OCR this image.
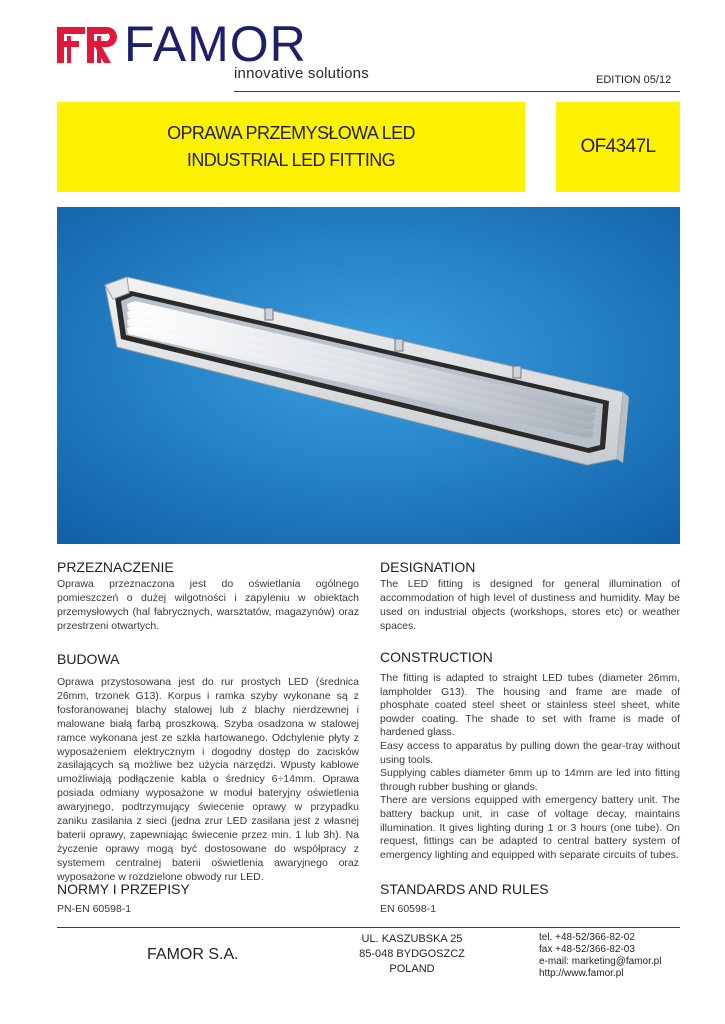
FAMOR
innovative solutions	EDITION 05/12
OPRAWA PRZEMYSŁOWA LED
INDUSTRIAL LED FITTING
OF4347L
PRZEZNACZENIE
Oprawa przeznaczona jest do oświetlania ogólnego pomieszczeń o dużej wilgotności i zapyleniu w obiektach przemysłowych (hal fabrycznych, warsztatów, magazynów) oraz przestrzeni otwartych.
BUDOWA
Oprawa przystosowana jest do rur prostych LED (średnica 26mm, trzonek G13). Korpus i ramka szyby wykonane są z fosforanowanej blachy stalowej lub z blachy nierdzewnej i malowane białą farbą proszkową. Szyba osadzona w stalowej ramce wykonana jest ze szkła hartowanego. Odchylenie płyty z wyposażeniem elektrycznym i dogodny dostęp do zacisków zasilających są możliwe bez użycia narzędzi. Wpusty kablowe umożliwiają podłączenie kabla o średnicy 6÷14mm. Oprawa posiada odmiany wyposażone w moduł bateryjny oświetlenia awaryjnego, podtrzymujący świecenie oprawy w przypadku zaniku zasilania z sieci (jedna zrur LED zasilana jest z własnej baterii oprawy, zapewniając świecenie przez min. 1 lub 3h). Na życzenie oprawy mogą być dostosowane do współpracy z systemem centralnej baterii oświetlenia awaryjnego oraz wyposażone w rozdzielone obwody rur LED.
NORMY I PRZEPISY
PN-EN 60598-1
DESIGNATION
The LED fitting is designed for general illumination of accommodation of high level of dustiness and humidity. May be used on industrial objects (workshops, stores etc) or weather spaces.
CONSTRUCTION
The fitting is adapted to straight LED tubes (diameter 26mm, lampholder G13). The housing and frame are made of phosphate coated steel sheet or stainless steel sheet, white powder coating. The shade to set with frame is made of hardened glass.
Easy access to apparatus by pulling down the gear-tray without using tools.
Supplying cables diameter 6mm up to 14mm are led into fitting through rubber bushing or glands.
There are versions equipped with emergency battery unit. The battery backup unit, in case of voltage decay, maintains illumination. It gives lighting during 1 or 3 hours (one tube). On request, fittings can be adapted to central battery system of emergency lighting and equipped with separate circuits of tubes.
STANDARDS AND RULES
EN 60598-1
FAMOR S.A.
UL. KASZUBSKA 25
85-048 BYDGOSZCZ
POLAND
tel. +48-52/366-82-02
fax +48-52/366-82-03
e-mail: marketing@famor.pl
http://www.famor.pl
